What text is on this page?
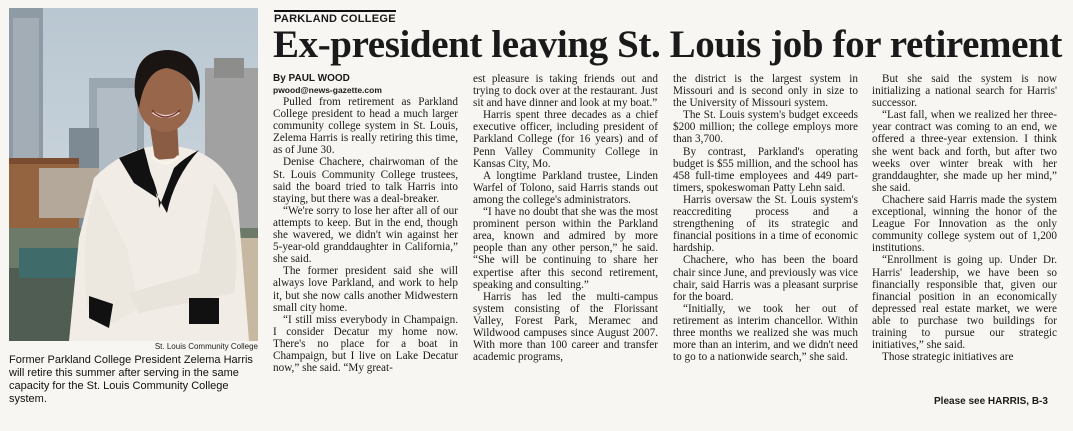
St. Louis Community College
Former Parkland College President Zelema Harris will retire this summer after serving in the same capacity for the St. Louis Community College system.
PARKLAND COLLEGE
Ex-president leaving St. Louis job for retirement
By PAUL WOOD
pwood@news-gazette.com

Pulled from retirement as Parkland College president to head a much larger community college system in St. Louis, Zelema Harris is really retiring this time, as of June 30.

Denise Chachere, chairwoman of the St. Louis Community College trustees, said the board tried to talk Harris into staying, but there was a deal-breaker.

“We're sorry to lose her after all of our attempts to keep. But in the end, though she wavered, we didn't win against her 5-year-old granddaughter in California,” she said.

The former president said she will always love Parkland, and work to help it, but she now calls another Midwestern small city home.

“I still miss everybody in Champaign. I consider Decatur my home now. There's no place for a boat in Champaign, but I live on Lake Decatur now,” she said. “My great-

est pleasure is taking friends out and trying to dock over at the restaurant. Just sit and have dinner and look at my boat.”

Harris spent three decades as a chief executive officer, including president of Parkland College (for 16 years) and of Penn Valley Community College in Kansas City, Mo.

A longtime Parkland trustee, Linden Warfel of Tolono, said Harris stands out among the college's administrators.

“I have no doubt that she was the most prominent person within the Parkland area, known and admired by more people than any other person,” he said. “She will be continuing to share her expertise after this second retirement, speaking and consulting.”

Harris has led the multi-campus system consisting of the Florissant Valley, Forest Park, Meramec and Wildwood campuses since August 2007. With more than 100 career and transfer academic programs,

the district is the largest system in Missouri and is second only in size to the University of Missouri system.

The St. Louis system's budget exceeds $200 million; the college employs more than 3,700.

By contrast, Parkland's operating budget is $55 million, and the school has 458 full-time employees and 449 part-timers, spokeswoman Patty Lehn said.

Harris oversaw the St. Louis system's reaccrediting process and a strengthening of its strategic and financial positions in a time of economic hardship.

Chachere, who has been the board chair since June, and previously was vice chair, said Harris was a pleasant surprise for the board.

“Initially, we took her out of retirement as interim chancellor. Within three months we realized she was much more than an interim, and we didn't need to go to a nationwide search,” she said.

But she said the system is now initializing a national search for Harris' successor.

“Last fall, when we realized her three-year contract was coming to an end, we offered a three-year extension. I think she went back and forth, but after two weeks over winter break with her granddaughter, she made up her mind,” she said.

Chachere said Harris made the system exceptional, winning the honor of the League For Innovation as the only community college system out of 1,200 institutions.

“Enrollment is going up. Under Dr. Harris' leadership, we have been so financially responsible that, given our financial position in an economically depressed real estate market, we were able to purchase two buildings for training to pursue our strategic initiatives,” she said.

Those strategic initiatives are

Please see HARRIS, B-3
